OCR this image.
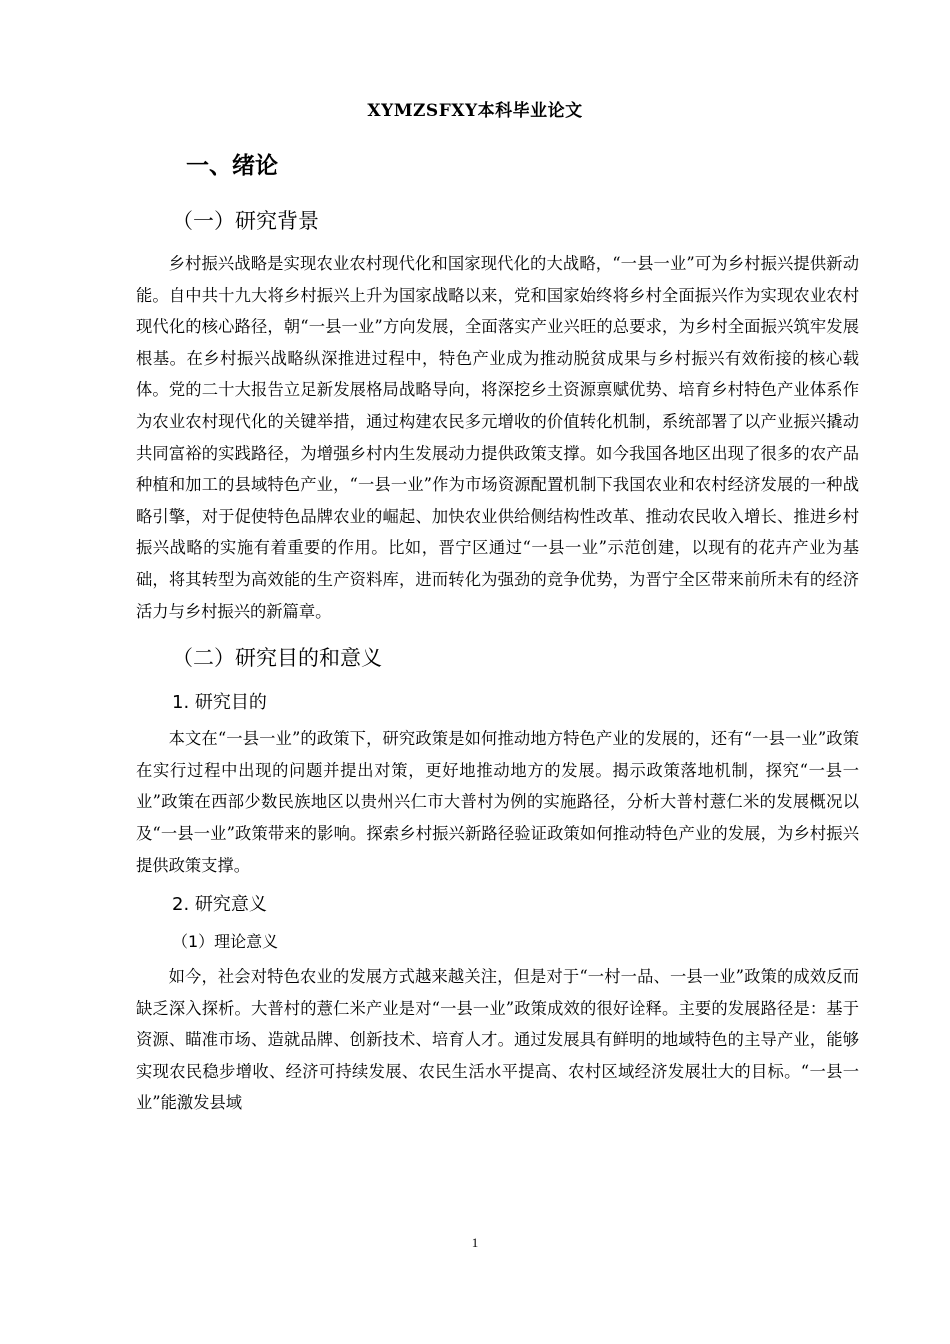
XYMZSFXY本科毕业论文
一、绪论
（一）研究背景

乡村振兴战略是实现农业农村现代化和国家现代化的大战略，“一县一业”可为乡村振兴提供新动能。自中共十九大将乡村振兴上升为国家战略以来，党和国家始终将乡村全面振兴作为实现农业农村现代化的核心路径，朝“一县一业”方向发展，全面落实产业兴旺的总要求，为乡村全面振兴筑牢发展根基。在乡村振兴战略纵深推进过程中，特色产业成为推动脱贫成果与乡村振兴有效衔接的核心载体。党的二十大报告立足新发展格局战略导向，将深挖乡土资源禀赋优势、培育乡村特色产业体系作为农业农村现代化的关键举措，通过构建农民多元增收的价值转化机制，系统部署了以产业振兴撬动共同富裕的实践路径，为增强乡村内生发展动力提供政策支撑。如今我国各地区出现了很多的农产品种植和加工的县域特色产业，“一县一业”作为市场资源配置机制下我国农业和农村经济发展的一种战略引擎，对于促使特色品牌农业的崛起、加快农业供给侧结构性改革、推动农民收入增长、推进乡村振兴战略的实施有着重要的作用。比如，晋宁区通过“一县一业”示范创建，以现有的花卉产业为基础，将其转型为高效能的生产资料库，进而转化为强劲的竞争优势，为晋宁全区带来前所未有的经济活力与乡村振兴的新篇章。

（二）研究目的和意义
1. 研究目的

本文在“一县一业”的政策下，研究政策是如何推动地方特色产业的发展的，还有“一县一业”政策在实行过程中出现的问题并提出对策，更好地推动地方的发展。揭示政策落地机制，探究“一县一业”政策在西部少数民族地区以贵州兴仁市大普村为例的实施路径，分析大普村薏仁米的发展概况以及“一县一业”政策带来的影响。探索乡村振兴新路径验证政策如何推动特色产业的发展，为乡村振兴提供政策支撑。

2. 研究意义
（1）理论意义

如今，社会对特色农业的发展方式越来越关注，但是对于“一村一品、一县一业”政策的成效反而缺乏深入探析。大普村的薏仁米产业是对“一县一业”政策成效的很好诠释。主要的发展路径是：基于资源、瞄准市场、造就品牌、创新技术、培育人才。通过发展具有鲜明的地域特色的主导产业，能够实现农民稳步增收、经济可持续发展、农民生活水平提高、农村区域经济发展壮大的目标。“一县一业”能激发县域

1
